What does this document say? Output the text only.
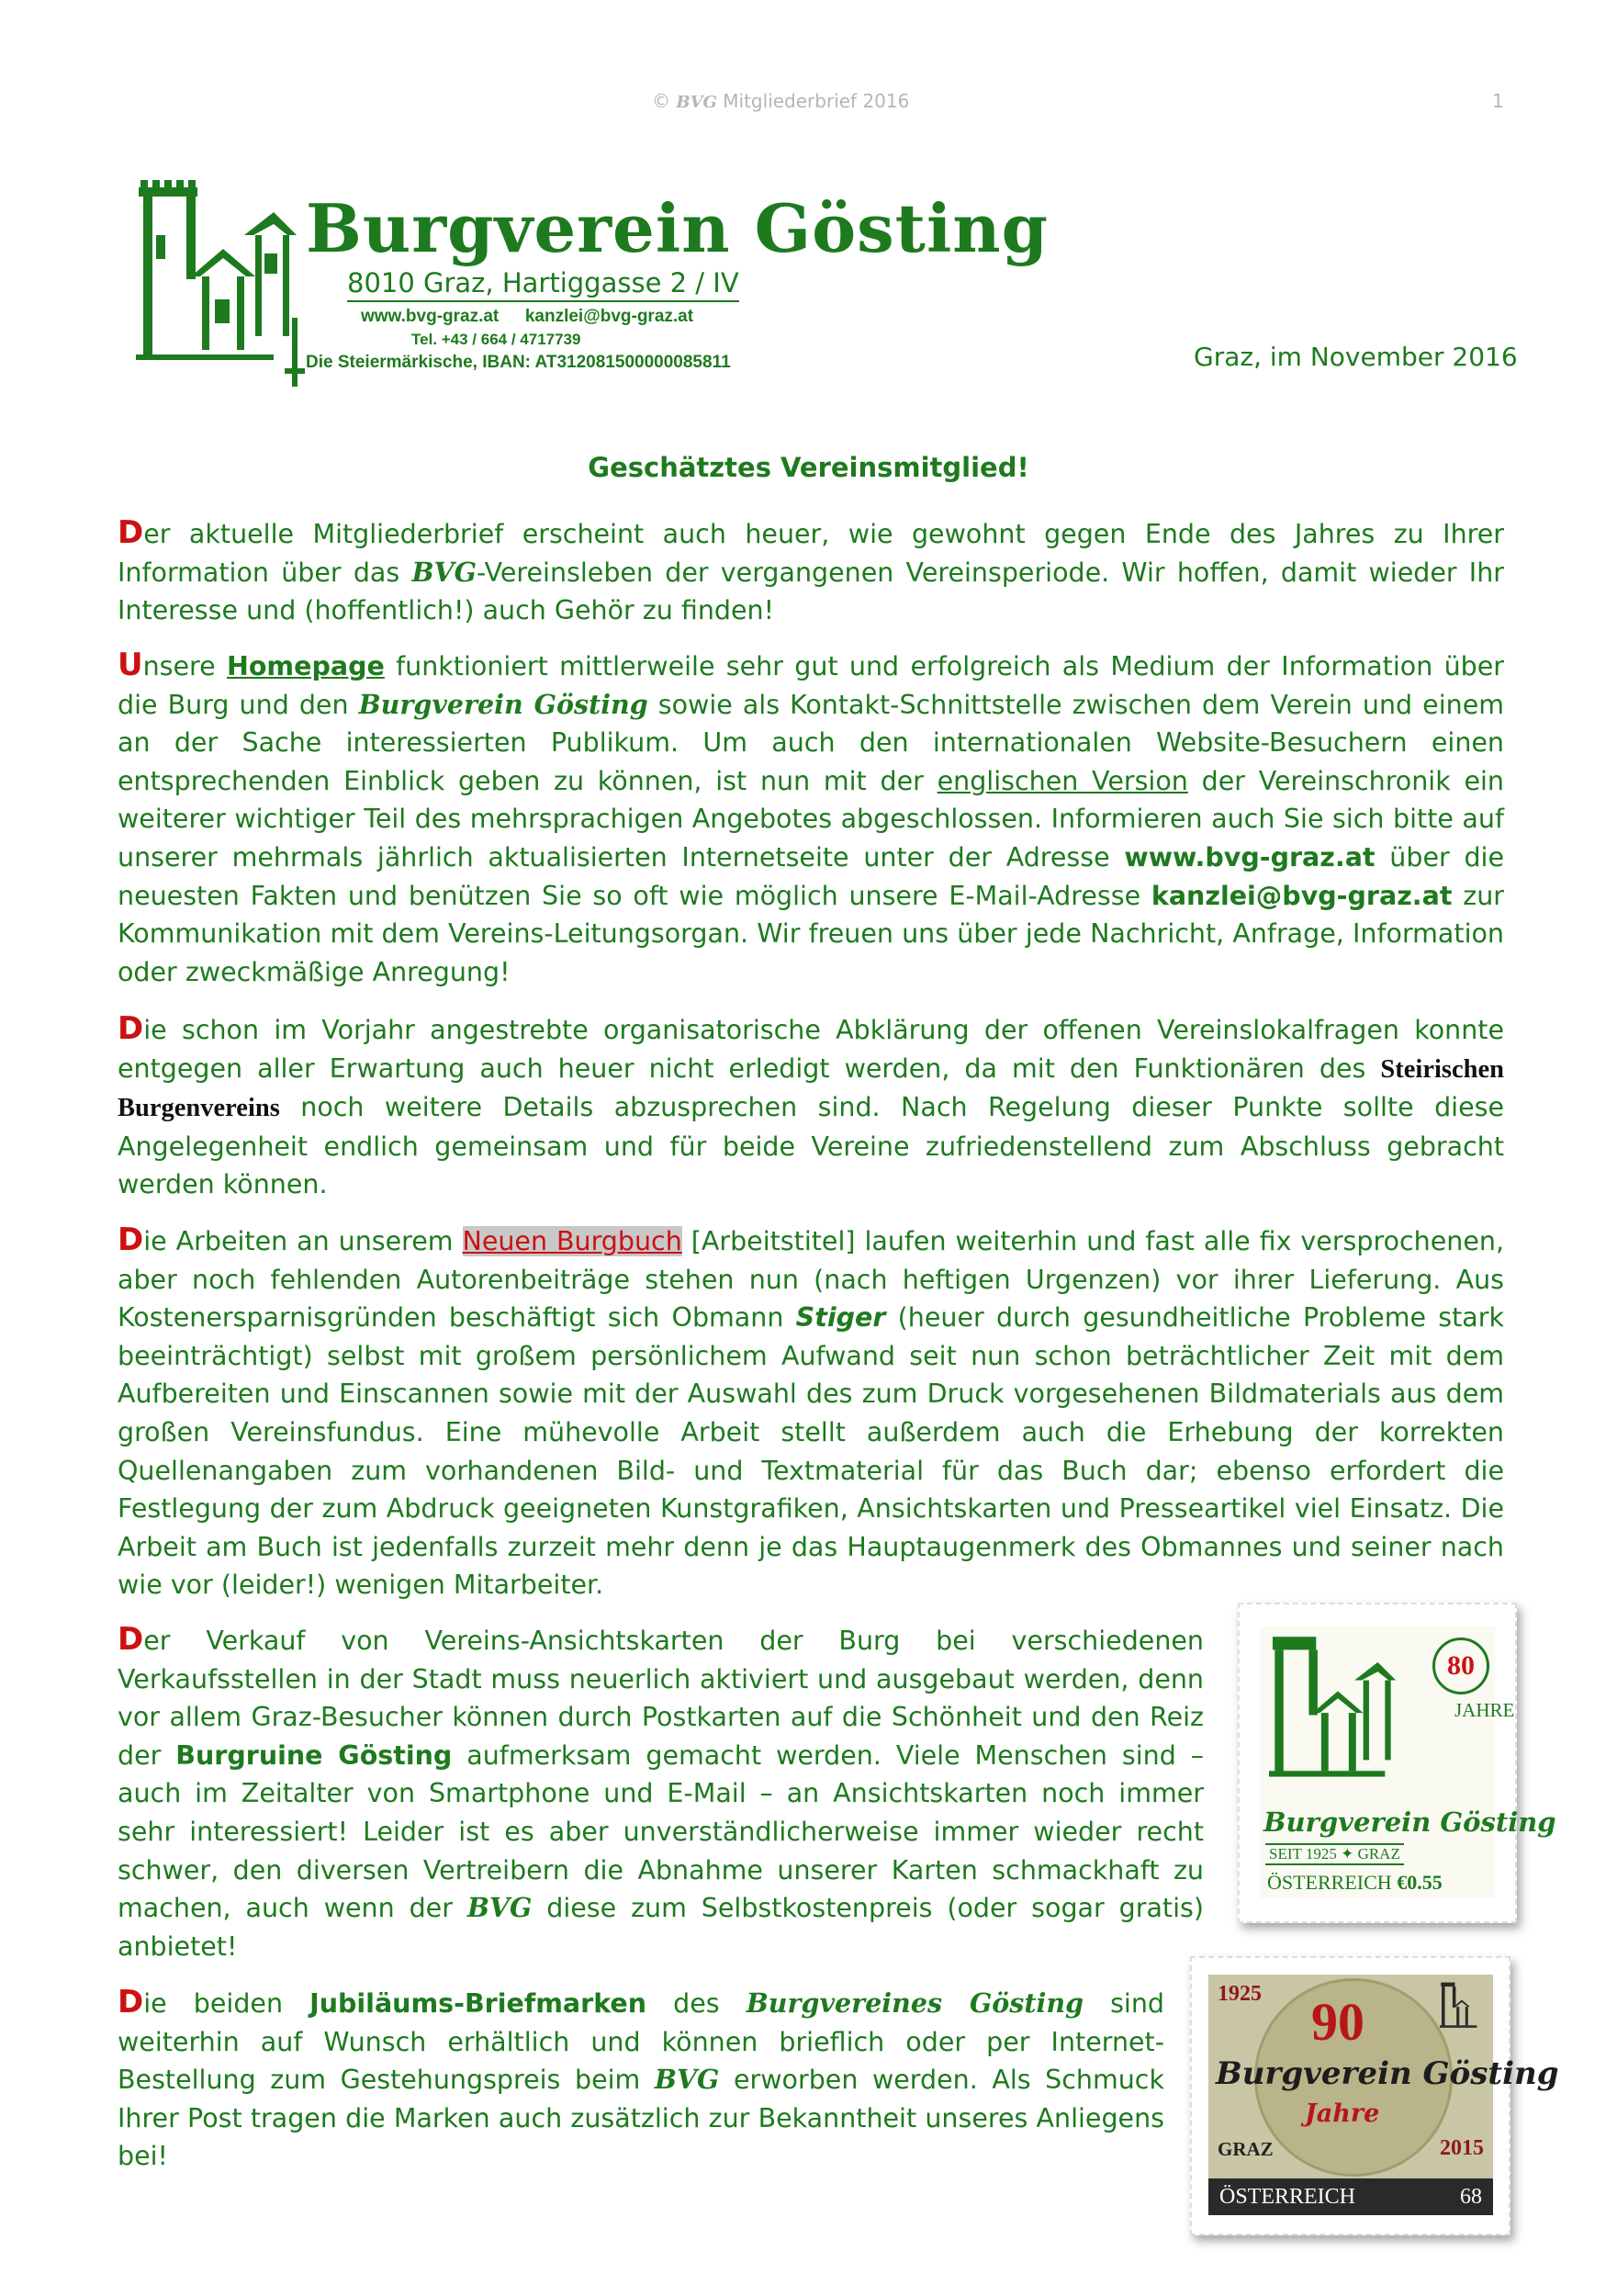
© BVG Mitgliederbrief 2016	1
Burgverein Gösting
8010 Graz, Hartiggasse 2 / IV
www.bvg-graz.at kanzlei@bvg-graz.at
Tel. +43 / 664 / 4717739
Die Steiermärkische, IBAN: AT312081500000085811	Graz, im November 2016
Geschätztes Vereinsmitglied!
Der aktuelle Mitgliederbrief erscheint auch heuer, wie gewohnt gegen Ende des Jahres zu Ihrer Information über das BVG-Vereinsleben der vergangenen Vereinsperiode. Wir hoffen, damit wieder Ihr Interesse und (hoffentlich!) auch Gehör zu finden!
Unsere Homepage funktioniert mittlerweile sehr gut und erfolgreich als Medium der Information über die Burg und den Burgverein Gösting sowie als Kontakt-Schnittstelle zwischen dem Verein und einem an der Sache interessierten Publikum. Um auch den internationalen Website-Besuchern einen entsprechenden Einblick geben zu können, ist nun mit der englischen Version der Vereinschronik ein weiterer wichtiger Teil des mehrsprachigen Angebotes abgeschlossen. Informieren auch Sie sich bitte auf unserer mehrmals jährlich aktualisierten Internetseite unter der Adresse www.bvg-graz.at über die neuesten Fakten und benützen Sie so oft wie möglich unsere E-Mail-Adresse kanzlei@bvg-graz.at zur Kommunikation mit dem Vereins-Leitungsorgan. Wir freuen uns über jede Nachricht, Anfrage, Information oder zweckmäßige Anregung!
Die schon im Vorjahr angestrebte organisatorische Abklärung der offenen Vereinslokalfragen konnte entgegen aller Erwartung auch heuer nicht erledigt werden, da mit den Funktionären des Steirischen Burgenvereins noch weitere Details abzusprechen sind. Nach Regelung dieser Punkte sollte diese Angelegenheit endlich gemeinsam und für beide Vereine zufriedenstellend zum Abschluss gebracht werden können.
Die Arbeiten an unserem Neuen Burgbuch [Arbeitstitel] laufen weiterhin und fast alle fix versprochenen, aber noch fehlenden Autorenbeiträge stehen nun (nach heftigen Urgenzen) vor ihrer Lieferung. Aus Kostenersparnisgründen beschäftigt sich Obmann Stiger (heuer durch gesundheitliche Probleme stark beeinträchtigt) selbst mit großem persönlichem Aufwand seit nun schon beträchtlicher Zeit mit dem Aufbereiten und Einscannen sowie mit der Auswahl des zum Druck vorgesehenen Bildmaterials aus dem großen Vereinsfundus. Eine mühevolle Arbeit stellt außerdem auch die Erhebung der korrekten Quellenangaben zum vorhandenen Bild- und Textmaterial für das Buch dar; ebenso erfordert die Festlegung der zum Abdruck geeigneten Kunstgrafiken, Ansichtskarten und Presseartikel viel Einsatz. Die Arbeit am Buch ist jedenfalls zurzeit mehr denn je das Hauptaugenmerk des Obmannes und seiner nach wie vor (leider!) wenigen Mitarbeiter.
Der Verkauf von Vereins-Ansichtskarten der Burg bei verschiedenen Verkaufsstellen in der Stadt muss neuerlich aktiviert und ausgebaut werden, denn vor allem Graz-Besucher können durch Postkarten auf die Schönheit und den Reiz der Burgruine Gösting aufmerksam gemacht werden. Viele Menschen sind – auch im Zeitalter von Smartphone und E-Mail – an Ansichtskarten noch immer sehr interessiert! Leider ist es aber unverständlicherweise immer wieder recht schwer, den diversen Vertreibern die Abnahme unserer Karten schmackhaft zu machen, auch wenn der BVG diese zum Selbstkostenpreis (oder sogar gratis) anbietet!
Die beiden Jubiläums-Briefmarken des Burgvereines Gösting sind weiterhin auf Wunsch erhältlich und können brieflich oder per Internet-Bestellung zum Gestehungspreis beim BVG erworben werden. Als Schmuck Ihrer Post tragen die Marken auch zusätzlich zur Bekanntheit unseres Anliegens bei!
80
JAHRE
Burgverein Gösting
SEIT 1925 ✦ GRAZ
ÖSTERREICH €0.55
1925 90
Burgverein Gösting
Jahre
GRAZ	2015
ÖSTERREICH	68
